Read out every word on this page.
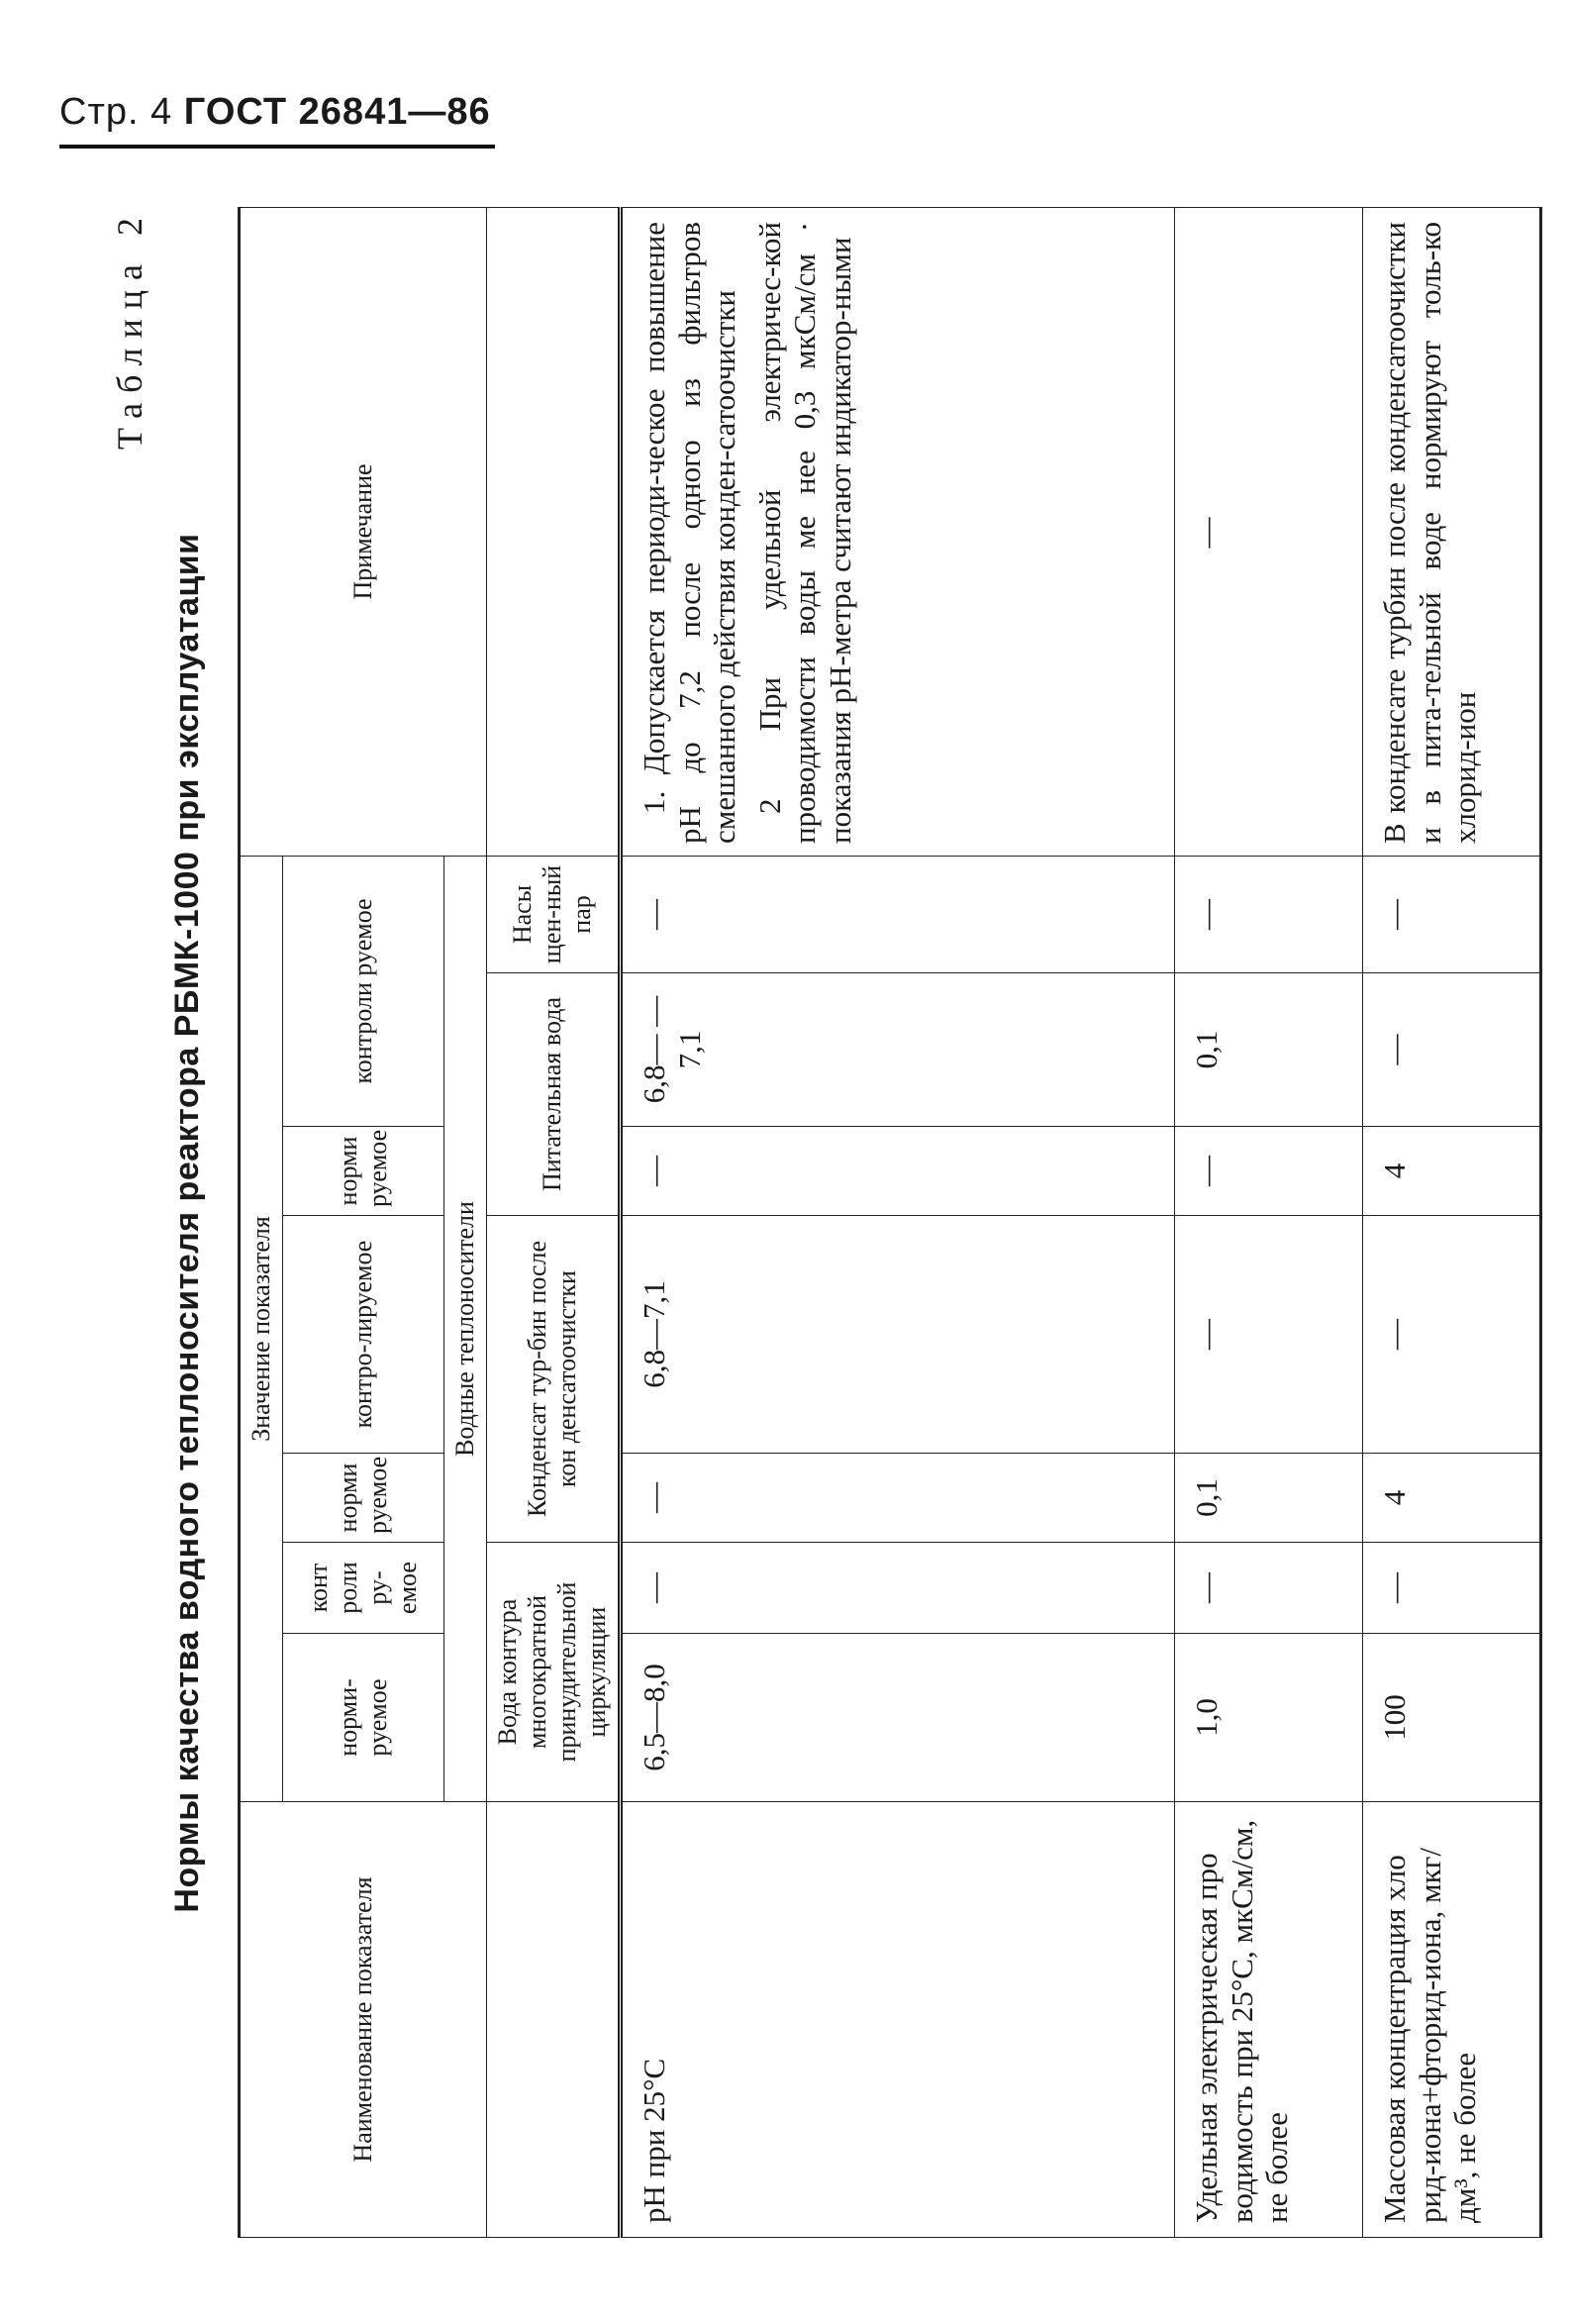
Стр. 4 ГОСТ 26841—86
Таблица 2
Нормы качества водного теплоносителя реактора РБМК-1000 при эксплуатации
Наименование показателя	Значение показателя							Примечание
	норми-руемое	конт роли ру-емое	норми руемое	контро-лируемое	норми руемое	контроли руемое		
	Водные теплоносители							
	Вода контура многократной принудительной циркуляции		Конденсат тур-бин после кон денсатоочистки		Питательная вода		Насы щен-ный пар	
pH при 25°C	6,5—8,0	—	—	6,8—7,1	—	6,8— —7,1	—	1. Допускается периоди-ческое повышение pH до 7,2 после одного из фильтров смешанного действия конден-сатоочистки 2 При удельной электричес-кой проводимости воды ме нее 0,3 мкСм/см · показания pH-метра считают индикатор-ными

Удельная электрическая про водимость при 25°C, мкСм/см, не более	1,0	—	0,1	—	—	0,1	—	—
Массовая концентрация хло рид-иона+фторид-иона, мкг/дм³, не более	100	—	4	—	4	—	—	В конденсате турбин после конденсатоочистки и в пита-тельной воде нормируют толь-ко хлорид-ион
